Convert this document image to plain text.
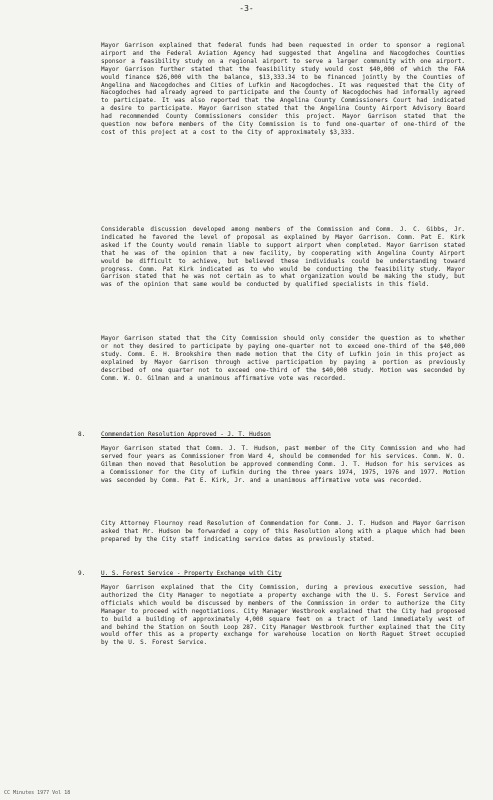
-3-

Mayor Garrison explained that federal funds had been requested in order to sponsor a regional airport and the Federal Aviation Agency had suggested that Angelina and Nacogdoches Counties sponsor a feasibility study on a regional airport to serve a larger community with one airport. Mayor Garrison further stated that the feasibility study would cost $40,000 of which the FAA would finance $26,000 with the balance, $13,333.34 to be financed jointly by the Counties of Angelina and Nacogdoches and Cities of Lufkin and Nacogdoches. It was requested that the City of Nacogdoches had already agreed to participate and the County of Nacogdoches had informally agreed to participate. It was also reported that the Angelina County Commissioners Court had indicated a desire to participate. Mayor Garrison stated that the Angelina County Airport Advisory Board had recommended County Commissioners consider this project. Mayor Garrison stated that the question now before members of the City Commission is to fund one-quarter of one-third of the cost of this project at a cost to the City of approximately $3,333.

Considerable discussion developed among members of the Commission and Comm. J. C. Gibbs, Jr. indicated he favored the level of proposal as explained by Mayor Garrison. Comm. Pat E. Kirk asked if the County would remain liable to support airport when completed. Mayor Garrison stated that he was of the opinion that a new facility, by cooperating with Angelina County Airport would be difficult to achieve, but believed these individuals could be understanding toward progress. Comm. Pat Kirk indicated as to who would be conducting the feasibility study. Mayor Garrison stated that he was not certain as to what organization would be making the study, but was of the opinion that same would be conducted by qualified specialists in this field.

Mayor Garrison stated that the City Commission should only consider the question as to whether or not they desired to participate by paying one-quarter not to exceed one-third of the $40,000 study. Comm. E. H. Brookshire then made motion that the City of Lufkin join in this project as explained by Mayor Garrison through active participation by paying a portion as previously described of one quarter not to exceed one-third of the $40,000 study. Motion was seconded by Comm. W. O. Gilman and a unanimous affirmative vote was recorded.

8.	Commendation Resolution Approved - J. T. Hudson

Mayor Garrison stated that Comm. J. T. Hudson, past member of the City Commission and who had served four years as Commissioner from Ward 4, should be commended for his services. Comm. W. O. Gilman then moved that Resolution be approved commending Comm. J. T. Hudson for his services as a Commissioner for the City of Lufkin during the three years 1974, 1975, 1976 and 1977. Motion was seconded by Comm. Pat E. Kirk, Jr. and a unanimous affirmative vote was recorded.

City Attorney Flournoy read Resolution of Commendation for Comm. J. T. Hudson and Mayor Garrison asked that Mr. Hudson be forwarded a copy of this Resolution along with a plaque which had been prepared by the City staff indicating service dates as previously stated.

9.	U. S. Forest Service - Property Exchange with City

Mayor Garrison explained that the City Commission, during a previous executive session, had authorized the City Manager to negotiate a property exchange with the U. S. Forest Service and officials which would be discussed by members of the Commission in order to authorize the City Manager to proceed with negotiations. City Manager Westbrook explained that the City had proposed to build a building of approximately 4,000 square feet on a tract of land immediately west of and behind the Station on South Loop 287. City Manager Westbrook further explained that the City would offer this as a property exchange for warehouse location on North Raguet Street occupied by the U. S. Forest Service.

CC Minutes 1977 Vol 18
